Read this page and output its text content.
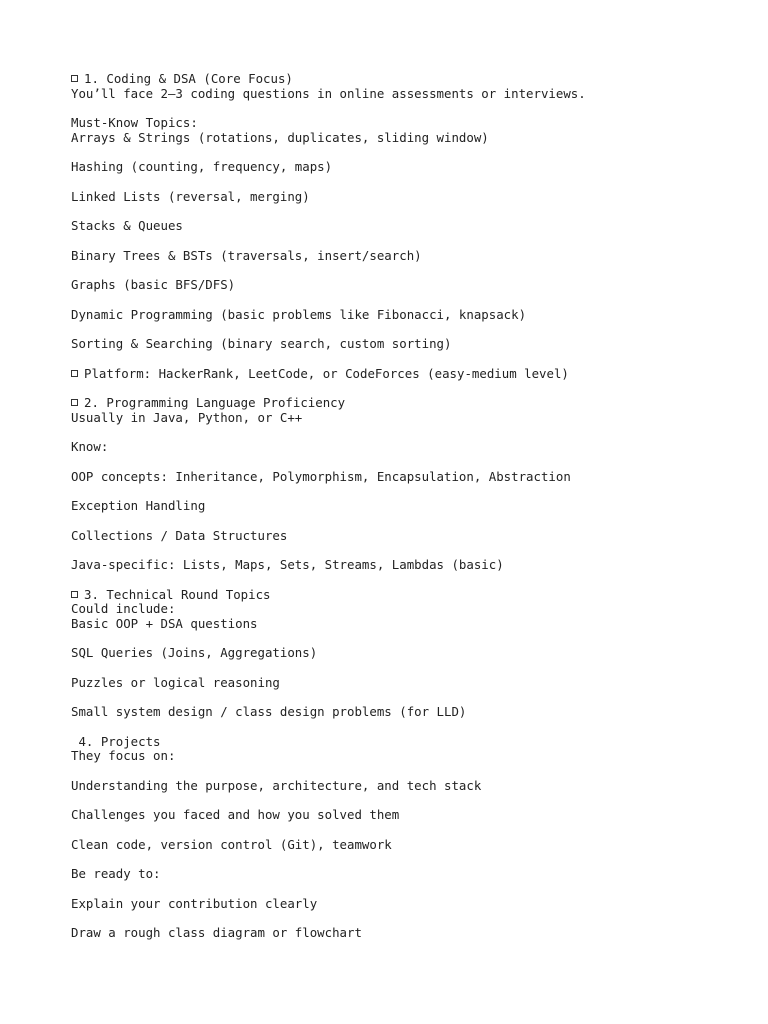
1. Coding & DSA (Core Focus)
You’ll face 2–3 coding questions in online assessments or interviews.
Must-Know Topics:
Arrays & Strings (rotations, duplicates, sliding window)
Hashing (counting, frequency, maps)
Linked Lists (reversal, merging)
Stacks & Queues
Binary Trees & BSTs (traversals, insert/search)
Graphs (basic BFS/DFS)
Dynamic Programming (basic problems like Fibonacci, knapsack)
Sorting & Searching (binary search, custom sorting)
Platform: HackerRank, LeetCode, or CodeForces (easy-medium level)
2. Programming Language Proficiency
Usually in Java, Python, or C++
Know:
OOP concepts: Inheritance, Polymorphism, Encapsulation, Abstraction
Exception Handling
Collections / Data Structures
Java-specific: Lists, Maps, Sets, Streams, Lambdas (basic)
3. Technical Round Topics
Could include:
Basic OOP + DSA questions
SQL Queries (Joins, Aggregations)
Puzzles or logical reasoning
Small system design / class design problems (for LLD)
4. Projects
They focus on:
Understanding the purpose, architecture, and tech stack
Challenges you faced and how you solved them
Clean code, version control (Git), teamwork
Be ready to:
Explain your contribution clearly
Draw a rough class diagram or flowchart
